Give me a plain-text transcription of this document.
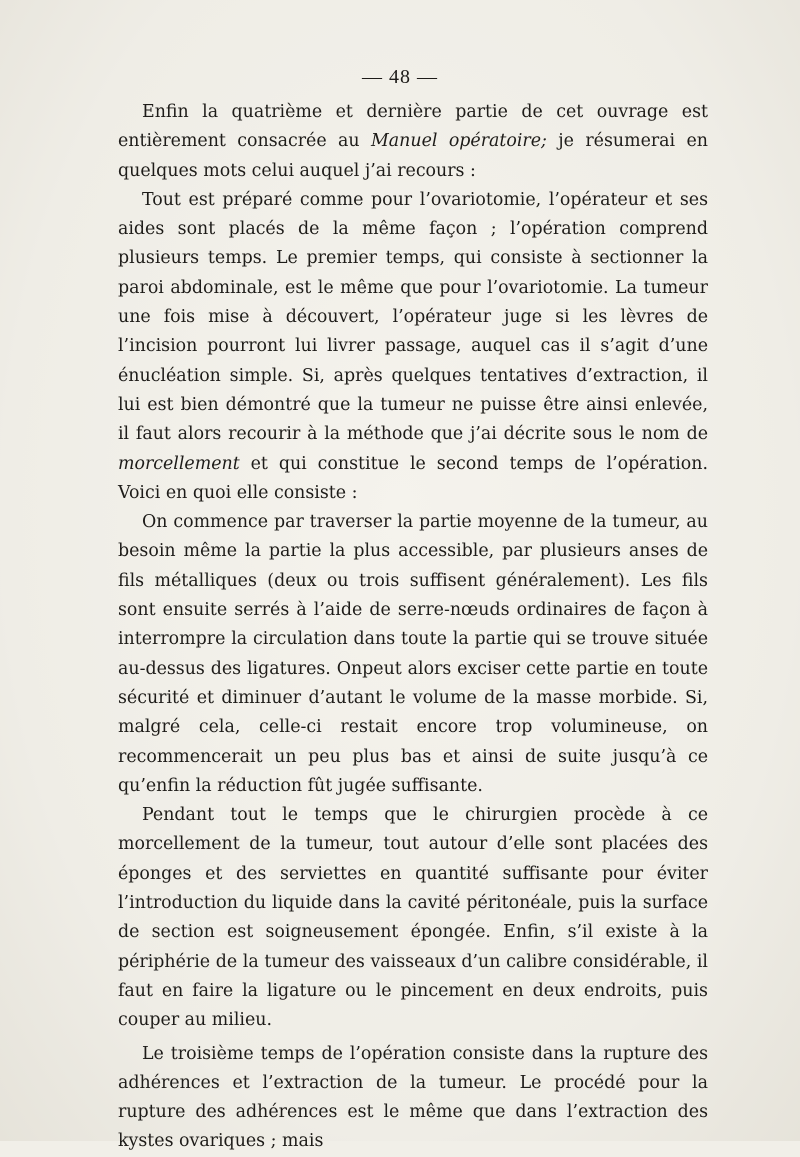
— 48 —

Enfin la quatrième et dernière partie de cet ouvrage est entièrement consacrée au Manuel opératoire; je résumerai en quelques mots celui auquel j’ai recours :

Tout est préparé comme pour l’ovariotomie, l’opérateur et ses aides sont placés de la même façon ; l’opération comprend plusieurs temps. Le premier temps, qui consiste à sectionner la paroi abdominale, est le même que pour l’ovariotomie. La tumeur une fois mise à découvert, l’opérateur juge si les lèvres de l’incision pourront lui livrer passage, auquel cas il s’agit d’une énucléation simple. Si, après quelques tentatives d’extraction, il lui est bien démontré que la tumeur ne puisse être ainsi enlevée, il faut alors recourir à la méthode que j’ai décrite sous le nom de morcellement et qui constitue le second temps de l’opération. Voici en quoi elle consiste :

On commence par traverser la partie moyenne de la tumeur, au besoin même la partie la plus accessible, par plusieurs anses de fils métalliques (deux ou trois suffisent généralement). Les fils sont ensuite serrés à l’aide de serre-nœuds ordinaires de façon à interrompre la circulation dans toute la partie qui se trouve située au-dessus des ligatures. Onpeut alors exciser cette partie en toute sécurité et diminuer d’autant le volume de la masse morbide. Si, malgré cela, celle-ci restait encore trop volumineuse, on recommencerait un peu plus bas et ainsi de suite jusqu’à ce qu’enfin la réduction fût jugée suffisante.

Pendant tout le temps que le chirurgien procède à ce morcellement de la tumeur, tout autour d’elle sont placées des éponges et des serviettes en quantité suffisante pour éviter l’introduction du liquide dans la cavité péritonéale, puis la surface de section est soigneusement épongée. Enfin, s’il existe à la périphérie de la tumeur des vaisseaux d’un calibre considérable, il faut en faire la ligature ou le pincement en deux endroits, puis couper au milieu.

Le troisième temps de l’opération consiste dans la rupture des adhérences et l’extraction de la tumeur. Le procédé pour la rupture des adhérences est le même que dans l’extraction des kystes ovariques ; mais
